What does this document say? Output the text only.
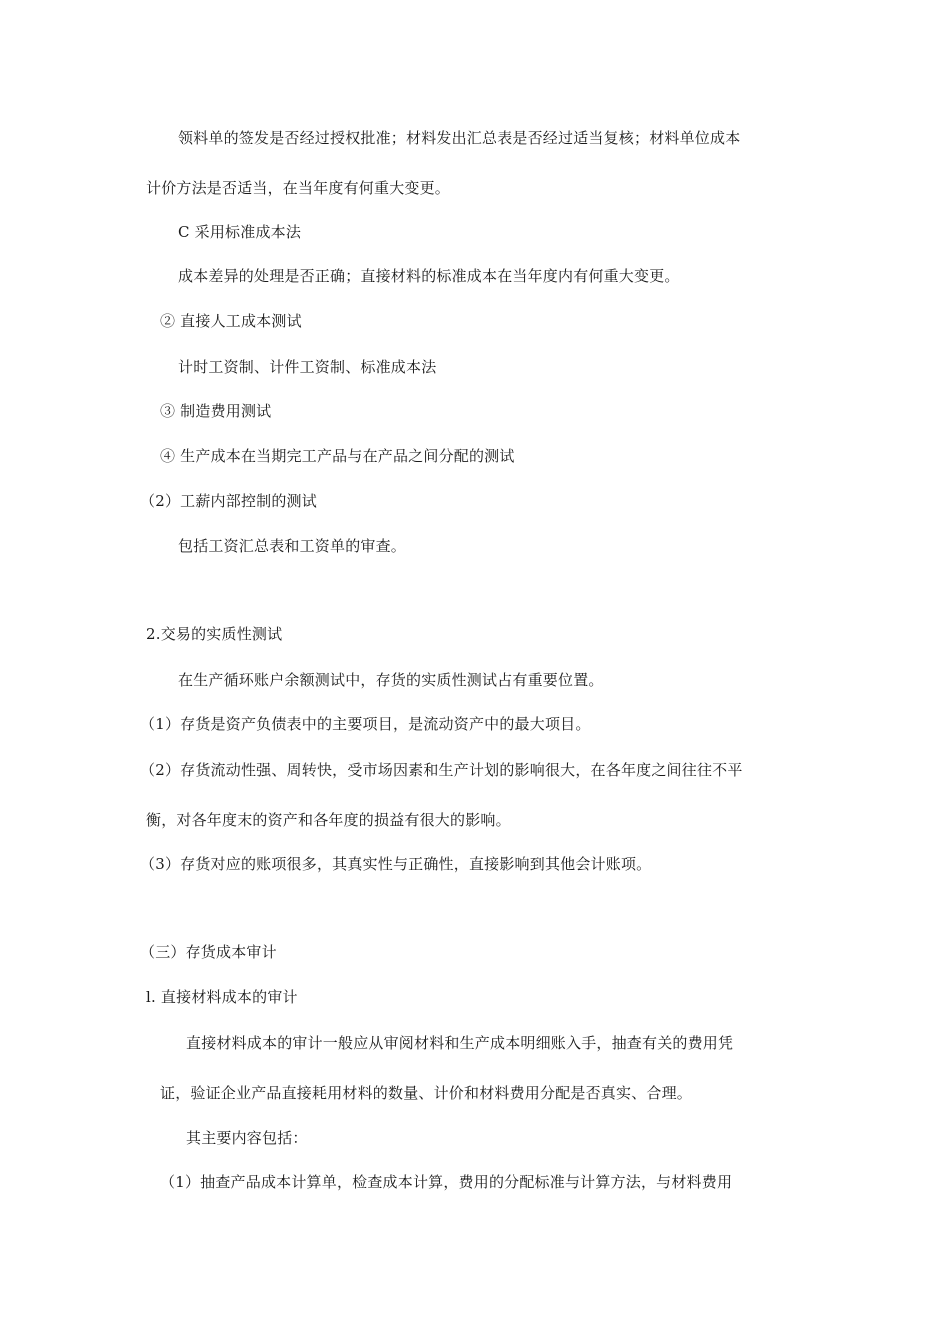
领料单的签发是否经过授权批准；材料发出汇总表是否经过适当复核；材料单位成本
计价方法是否适当，在当年度有何重大变更。
C 采用标准成本法
成本差异的处理是否正确；直接材料的标准成本在当年度内有何重大变更。
② 直接人工成本测试
计时工资制、计件工资制、标准成本法
③ 制造费用测试
④ 生产成本在当期完工产品与在产品之间分配的测试
（2）工薪内部控制的测试
包括工资汇总表和工资单的审查。
2.交易的实质性测试
在生产循环账户余额测试中，存货的实质性测试占有重要位置。
（1）存货是资产负债表中的主要项目，是流动资产中的最大项目。
（2）存货流动性强、周转快，受市场因素和生产计划的影响很大，在各年度之间往往不平
衡，对各年度末的资产和各年度的损益有很大的影响。
（3）存货对应的账项很多，其真实性与正确性，直接影响到其他会计账项。
（三）存货成本审计
l. 直接材料成本的审计
直接材料成本的审计一般应从审阅材料和生产成本明细账入手，抽查有关的费用凭
证，验证企业产品直接耗用材料的数量、计价和材料费用分配是否真实、合理。
其主要内容包括：
（1）抽查产品成本计算单，检查成本计算，费用的分配标准与计算方法，与材料费用
